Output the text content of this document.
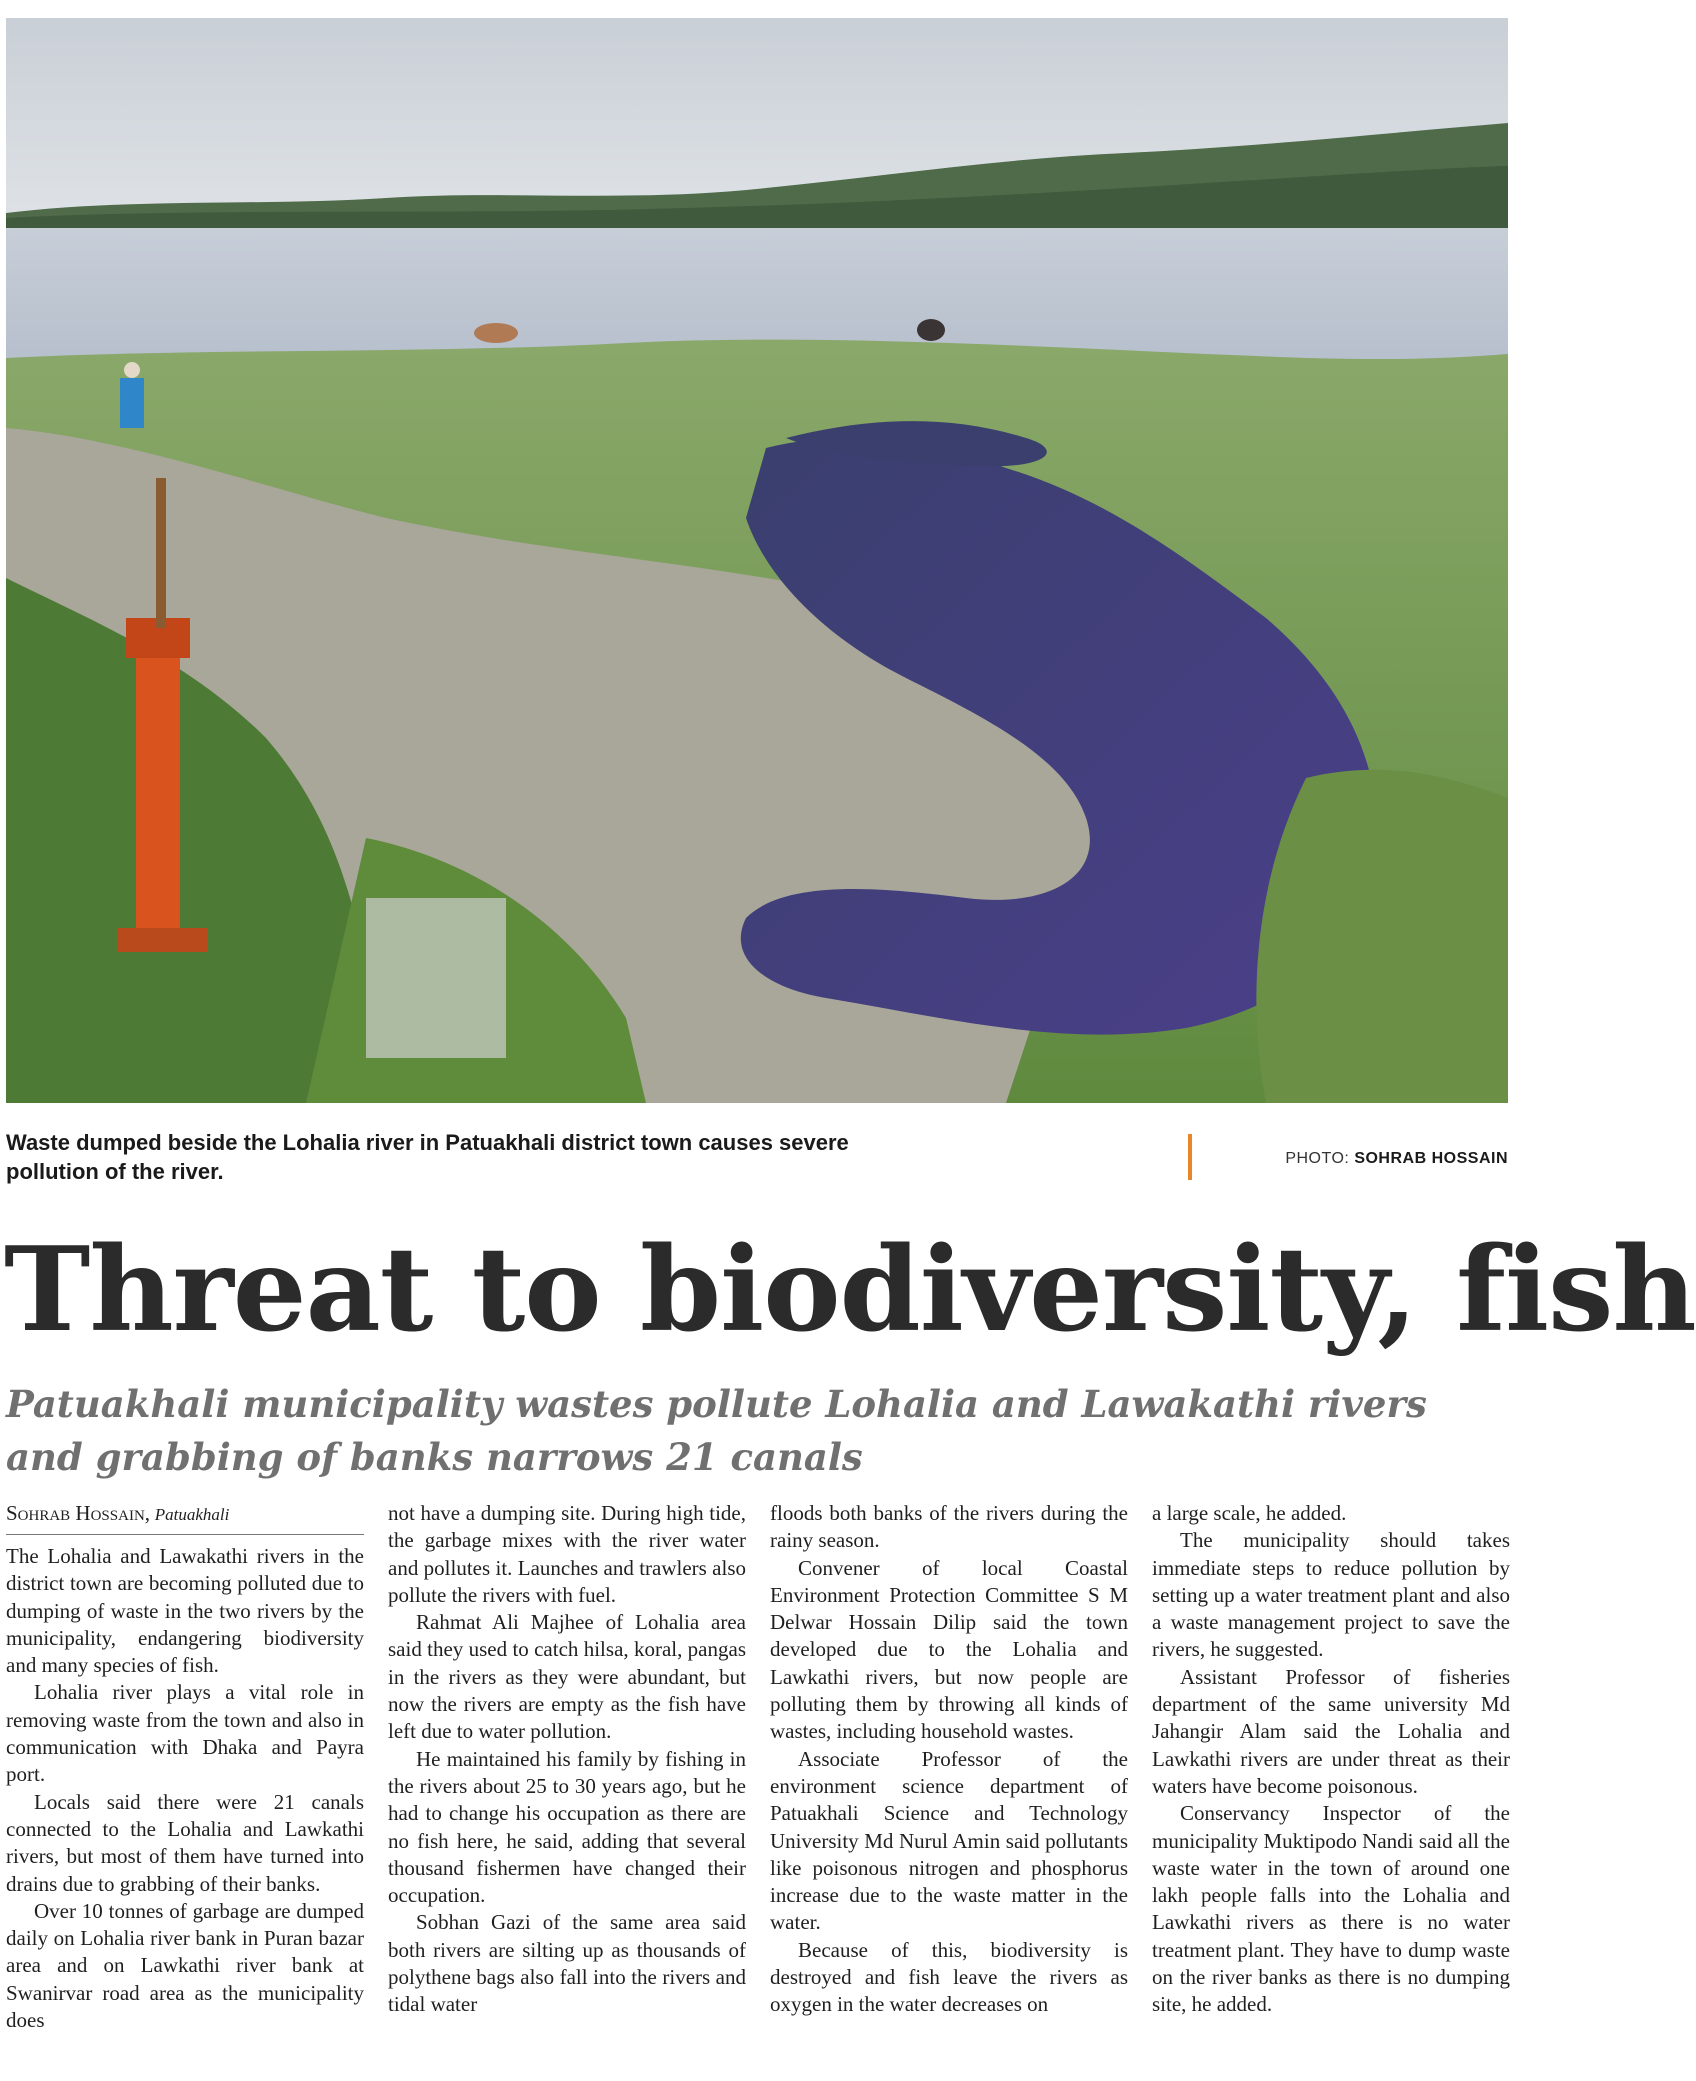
Waste dumped beside the Lohalia river in Patuakhali district town causes severe pollution of the river.
PHOTO: SOHRAB HOSSAIN
Threat to biodiversity, fish
Patuakhali municipality wastes pollute Lohalia and Lawakathi rivers and grabbing of banks narrows 21 canals
Sohrab Hossain, Patuakhali

The Lohalia and Lawakathi rivers in the district town are becoming polluted due to dumping of waste in the two rivers by the municipality, endangering biodiversity and many species of fish.

Lohalia river plays a vital role in removing waste from the town and also in communication with Dhaka and Payra port.

Locals said there were 21 canals connected to the Lohalia and Lawkathi rivers, but most of them have turned into drains due to grabbing of their banks.

Over 10 tonnes of garbage are dumped daily on Lohalia river bank in Puran bazar area and on Lawkathi river bank at Swanirvar road area as the municipality does

not have a dumping site. During high tide, the garbage mixes with the river water and pollutes it. Launches and trawlers also pollute the rivers with fuel.

Rahmat Ali Majhee of Lohalia area said they used to catch hilsa, koral, pangas in the rivers as they were abundant, but now the rivers are empty as the fish have left due to water pollution.

He maintained his family by fishing in the rivers about 25 to 30 years ago, but he had to change his occupation as there are no fish here, he said, adding that several thousand fishermen have changed their occupation.

Sobhan Gazi of the same area said both rivers are silting up as thousands of polythene bags also fall into the rivers and tidal water

floods both banks of the rivers during the rainy season.

Convener of local Coastal Environment Protection Committee S M Delwar Hossain Dilip said the town developed due to the Lohalia and Lawkathi rivers, but now people are polluting them by throwing all kinds of wastes, including household wastes.

Associate Professor of the environment science department of Patuakhali Science and Technology University Md Nurul Amin said pollutants like poisonous nitrogen and phosphorus increase due to the waste matter in the water.

Because of this, biodiversity is destroyed and fish leave the rivers as oxygen in the water decreases on

a large scale, he added.

The municipality should takes immediate steps to reduce pollution by setting up a water treatment plant and also a waste management project to save the rivers, he suggested.

Assistant Professor of fisheries department of the same university Md Jahangir Alam said the Lohalia and Lawkathi rivers are under threat as their waters have become poisonous.

Conservancy Inspector of the municipality Muktipodo Nandi said all the waste water in the town of around one lakh people falls into the Lohalia and Lawkathi rivers as there is no water treatment plant. They have to dump waste on the river banks as there is no dumping site, he added.
